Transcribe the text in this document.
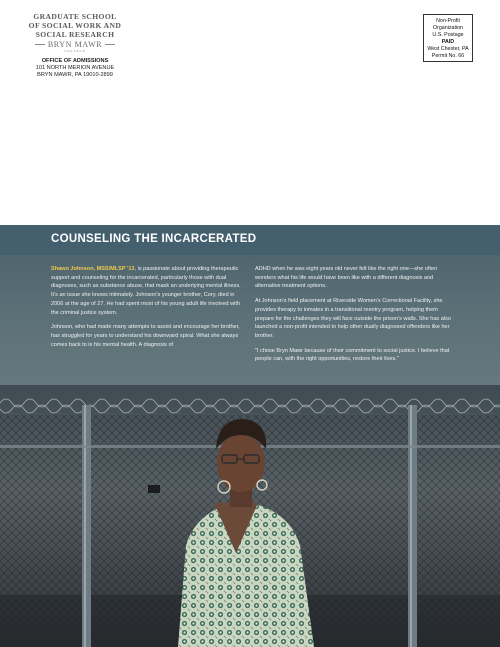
GRADUATE SCHOOL
OF SOCIAL WORK AND
SOCIAL RESEARCH
BRYN MAWR
COLLEGE
OFFICE OF ADMISSIONS
101 NORTH MERION AVENUE
BRYN MAWR, PA 19010-2899
Non-Profit
Organization
U.S. Postage
PAID
West Chester, PA
Permit No. 66
COUNSELING THE INCARCERATED

Shawn Johnson, MSS/MLSP '13, is passionate about providing therapeutic support and counseling for the incarcerated, particularly those with dual diagnoses, such as substance abuse, that mask an underlying mental illness. It's an issue she knows intimately. Johnson's younger brother, Cory, died in 2006 at the age of 27. He had spent most of his young adult life involved with the criminal justice system.

Johnson, who had made many attempts to assist and encourage her brother, has struggled for years to understand his downward spiral. What she always comes back to is his mental health. A diagnosis of

ADHD when he was eight years old never felt like the right one—she often wonders what his life would have been like with a different diagnosis and alternative treatment options.

At Johnson's field placement at Riverside Women's Correctional Facility, she provides therapy to inmates in a transitional reentry program, helping them prepare for the challenges they will face outside the prison's walls. She has also launched a non-profit intended to help other dually diagnosed offenders like her brother.

"I chose Bryn Mawr because of their commitment to social justice. I believe that people can, with the right opportunities, restore their lives."
